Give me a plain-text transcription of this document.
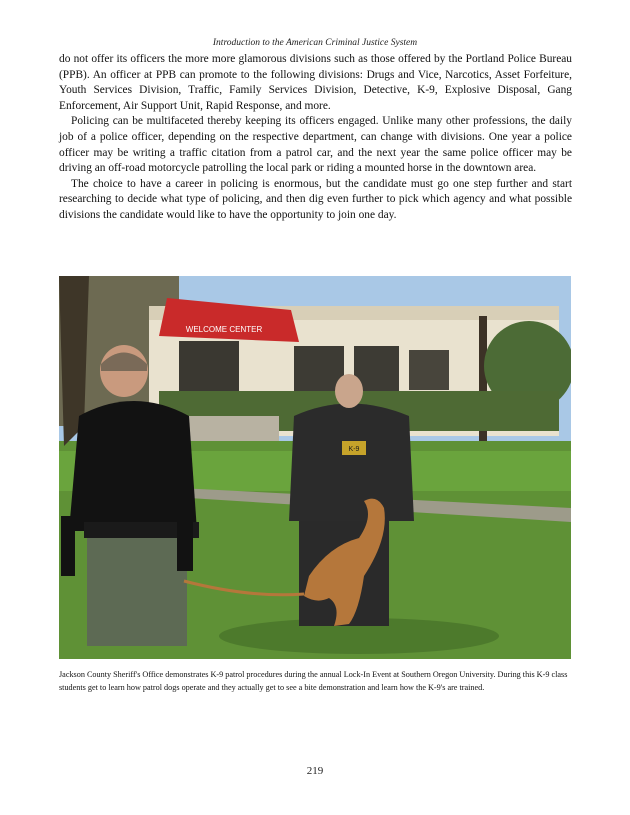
Introduction to the American Criminal Justice System

do not offer its officers the more more glamorous divisions such as those offered by the Portland Police Bureau (PPB). An officer at PPB can promote to the following divisions: Drugs and Vice, Narcotics, Asset Forfeiture, Youth Services Division, Traffic, Family Services Division, Detective, K-9, Explosive Disposal, Gang Enforcement, Air Support Unit, Rapid Response, and more.

Policing can be multifaceted thereby keeping its officers engaged. Unlike many other professions, the daily job of a police officer, depending on the respective department, can change with divisions. One year a police officer may be writing a traffic citation from a patrol car, and the next year the same police officer may be driving an off-road motorcycle patrolling the local park or riding a mounted horse in the downtown area.

The choice to have a career in policing is enormous, but the candidate must go one step further and start researching to decide what type of policing, and then dig even further to pick which agency and what possible divisions the candidate would like to have the opportunity to join one day.

WELCOME CENTER
K-9
Jackson County Sheriff's Office demonstrates K-9 patrol procedures during the annual Lock-In Event at Southern Oregon University. During this K-9 class students get to learn how patrol dogs operate and they actually get to see a bite demonstration and learn how the K-9's are trained.
219
